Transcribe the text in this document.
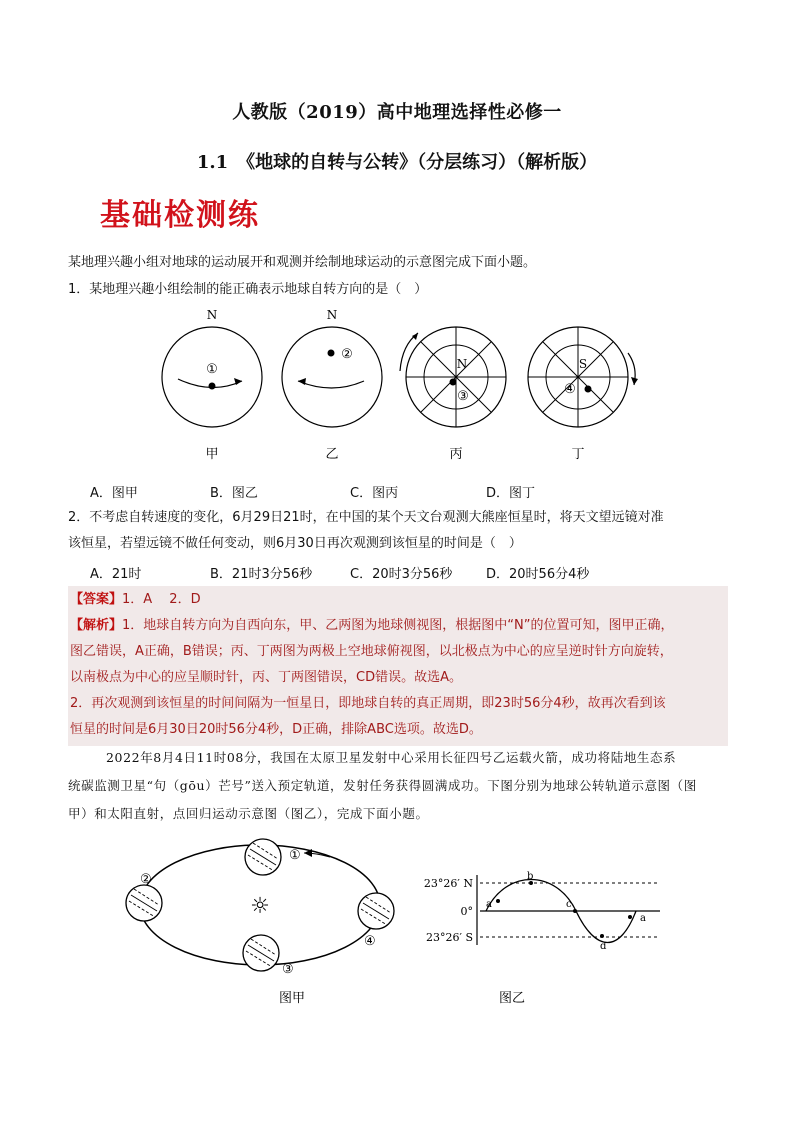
人教版（2019）高中地理选择性必修一
1.1　《地球的自转与公转》（分层练习）（解析版）
基础检测练
某地理兴趣小组对地球的运动展开和观测并绘制地球运动的示意图完成下面小题。
1．某地理兴趣小组绘制的能正确表示地球自转方向的是（　）
N
①
N
②
N
③
S
④
甲	乙	丙	丁
A．图甲	B．图乙	C．图丙	D．图丁
2．不考虑自转速度的变化，6月29日21时，在中国的某个天文台观测大熊座恒星时，将天文望远镜对准
该恒星，若望远镜不做任何变动，则6月30日再次观测到该恒星的时间是（　）
A．21时	B．21时3分56秒	C．20时3分56秒	D．20时56分4秒
【答案】1．A　 2．D
【解析】1．地球自转方向为自西向东，甲、乙两图为地球侧视图，根据图中“N”的位置可知，图甲正确，
图乙错误，A正确，B错误；丙、丁两图为两极上空地球俯视图，以北极点为中心的应呈逆时针方向旋转，
以南极点为中心的应呈顺时针，丙、丁两图错误，CD错误。故选A。
2．再次观测到该恒星的时间间隔为一恒星日，即地球自转的真正周期，即23时56分4秒，故再次看到该
恒星的时间是6月30日20时56分4秒，D正确，排除ABC选项。故选D。
2022年8月4日11时08分，我国在太原卫星发射中心采用长征四号乙运载火箭，成功将陆地生态系
统碳监测卫星“句（gōu）芒号”送入预定轨道，发射任务获得圆满成功。下图分别为地球公转轨道示意图（图
甲）和太阳直射，点回归运动示意图（图乙），完成下面小题。
☼
①
②
③
④
23°26′ N
0°
23°26′ S
a
b
c
d
a
图甲	图乙
